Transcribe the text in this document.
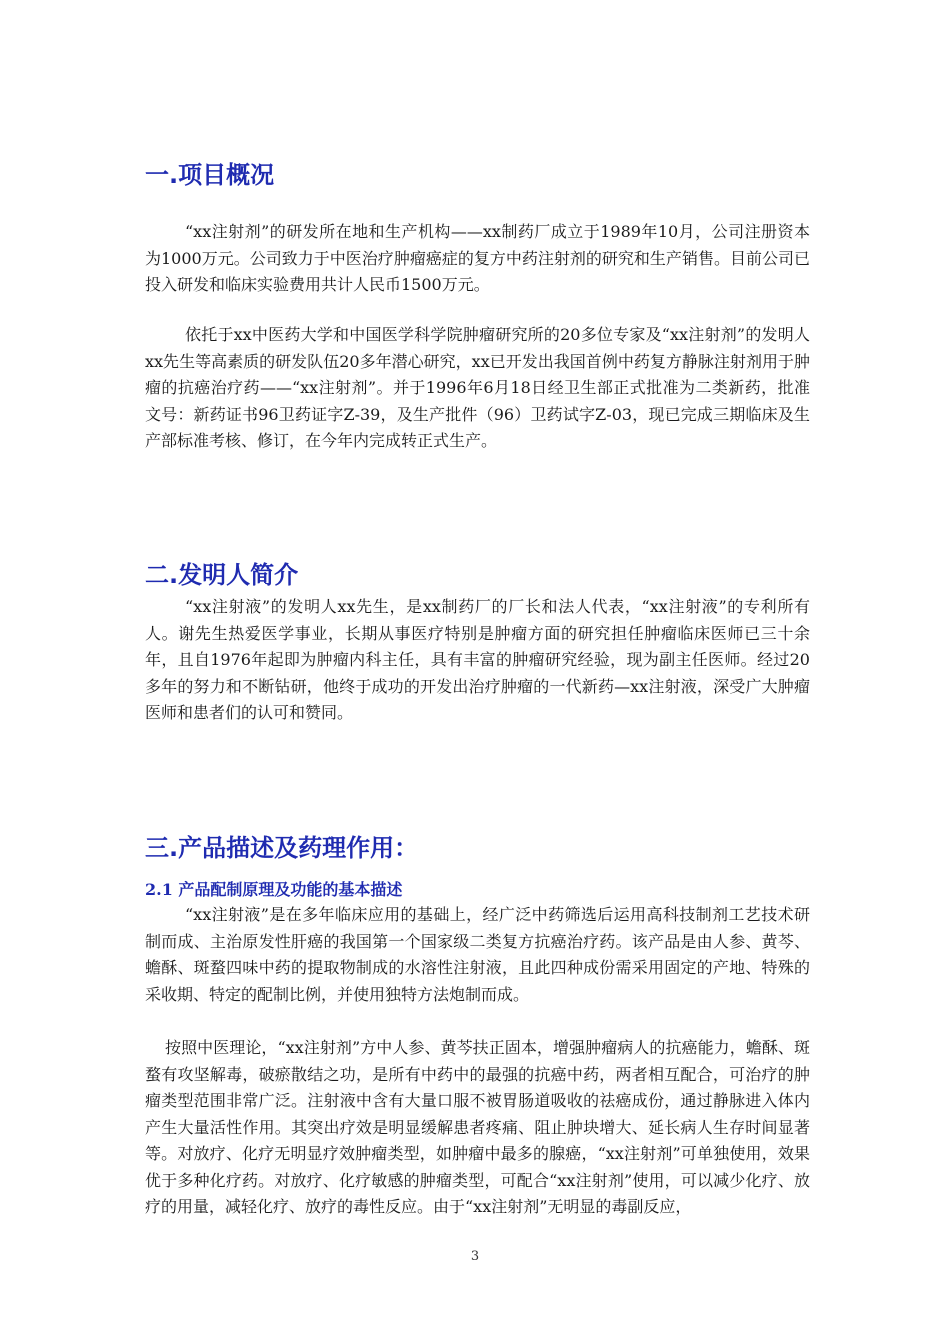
一.项目概况

“xx注射剂”的研发所在地和生产机构——xx制药厂成立于1989年10月，公司注册资本为1000万元。公司致力于中医治疗肿瘤癌症的复方中药注射剂的研究和生产销售。目前公司已投入研发和临床实验费用共计人民币1500万元。

依托于xx中医药大学和中国医学科学院肿瘤研究所的20多位专家及“xx注射剂”的发明人xx先生等高素质的研发队伍20多年潜心研究，xx已开发出我国首例中药复方静脉注射剂用于肿瘤的抗癌治疗药——“xx注射剂”。并于1996年6月18日经卫生部正式批准为二类新药，批准文号：新药证书96卫药证字Z-39，及生产批件（96）卫药试字Z-03，现已完成三期临床及生产部标准考核、修订，在今年内完成转正式生产。

二.发明人简介

“xx注射液”的发明人xx先生，是xx制药厂的厂长和法人代表，“xx注射液”的专利所有人。谢先生热爱医学事业，长期从事医疗特别是肿瘤方面的研究担任肿瘤临床医师已三十余年，且自1976年起即为肿瘤内科主任，具有丰富的肿瘤研究经验，现为副主任医师。经过20多年的努力和不断钻研，他终于成功的开发出治疗肿瘤的一代新药—xx注射液，深受广大肿瘤医师和患者们的认可和赞同。

三.产品描述及药理作用：
2.1 产品配制原理及功能的基本描述

“xx注射液”是在多年临床应用的基础上，经广泛中药筛选后运用高科技制剂工艺技术研制而成、主治原发性肝癌的我国第一个国家级二类复方抗癌治疗药。该产品是由人参、黄芩、蟾酥、斑蝥四味中药的提取物制成的水溶性注射液，且此四种成份需采用固定的产地、特殊的采收期、特定的配制比例，并使用独特方法炮制而成。

按照中医理论，“xx注射剂”方中人参、黄芩扶正固本，增强肿瘤病人的抗癌能力，蟾酥、斑蝥有攻坚解毒，破瘀散结之功，是所有中药中的最强的抗癌中药，两者相互配合，可治疗的肿瘤类型范围非常广泛。注射液中含有大量口服不被胃肠道吸收的祛癌成份，通过静脉进入体内产生大量活性作用。其突出疗效是明显缓解患者疼痛、阻止肿块增大、延长病人生存时间显著等。对放疗、化疗无明显疗效肿瘤类型，如肿瘤中最多的腺癌，“xx注射剂”可单独使用，效果优于多种化疗药。对放疗、化疗敏感的肿瘤类型，可配合“xx注射剂”使用，可以减少化疗、放疗的用量，减轻化疗、放疗的毒性反应。由于“xx注射剂”无明显的毒副反应，

3
